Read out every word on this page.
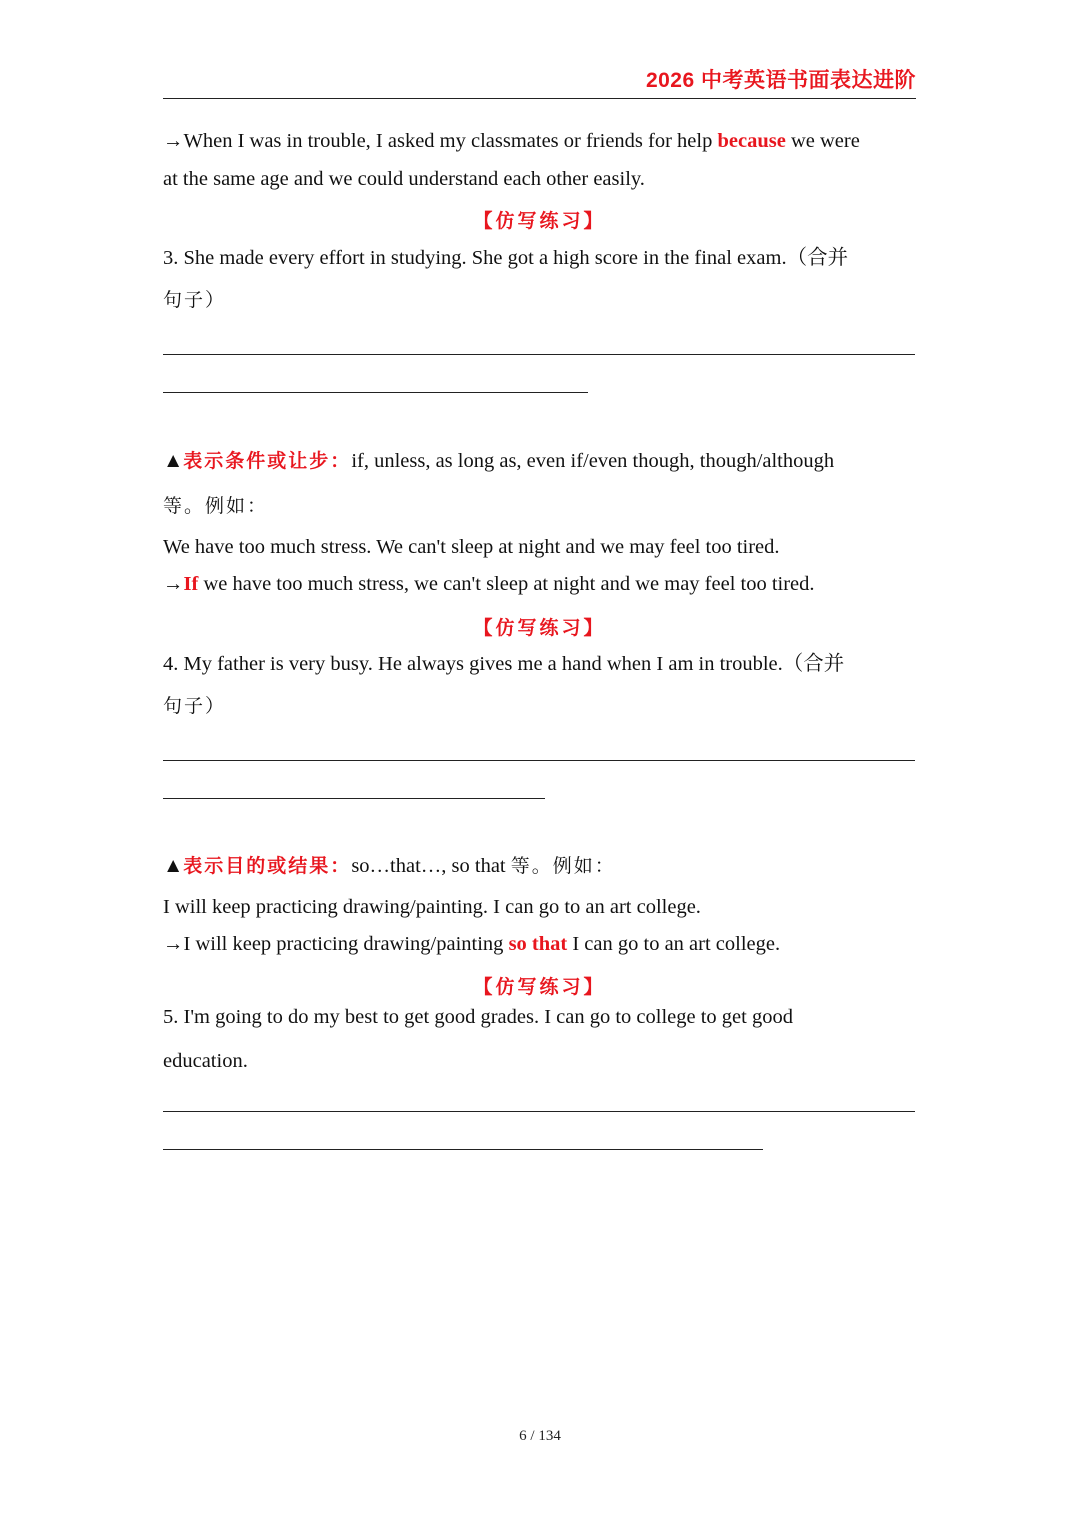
2026 中考英语书面表达进阶
→When I was in trouble, I asked my classmates or friends for help because we were
at the same age and we could understand each other easily.
【仿写练习】
3. She made every effort in studying. She got a high score in the final exam.（合并
句子）
▲表示条件或让步：if, unless, as long as, even if/even though, though/although
等。例如：
We have too much stress. We can't sleep at night and we may feel too tired.
→If we have too much stress, we can't sleep at night and we may feel too tired.
【仿写练习】
4. My father is very busy. He always gives me a hand when I am in trouble.（合并
句子）
▲表示目的或结果：so…that…, so that 等。例如：
I will keep practicing drawing/painting. I can go to an art college.
→I will keep practicing drawing/painting so that I can go to an art college.
【仿写练习】
5. I'm going to do my best to get good grades. I can go to college to get good
education.
6 / 134
